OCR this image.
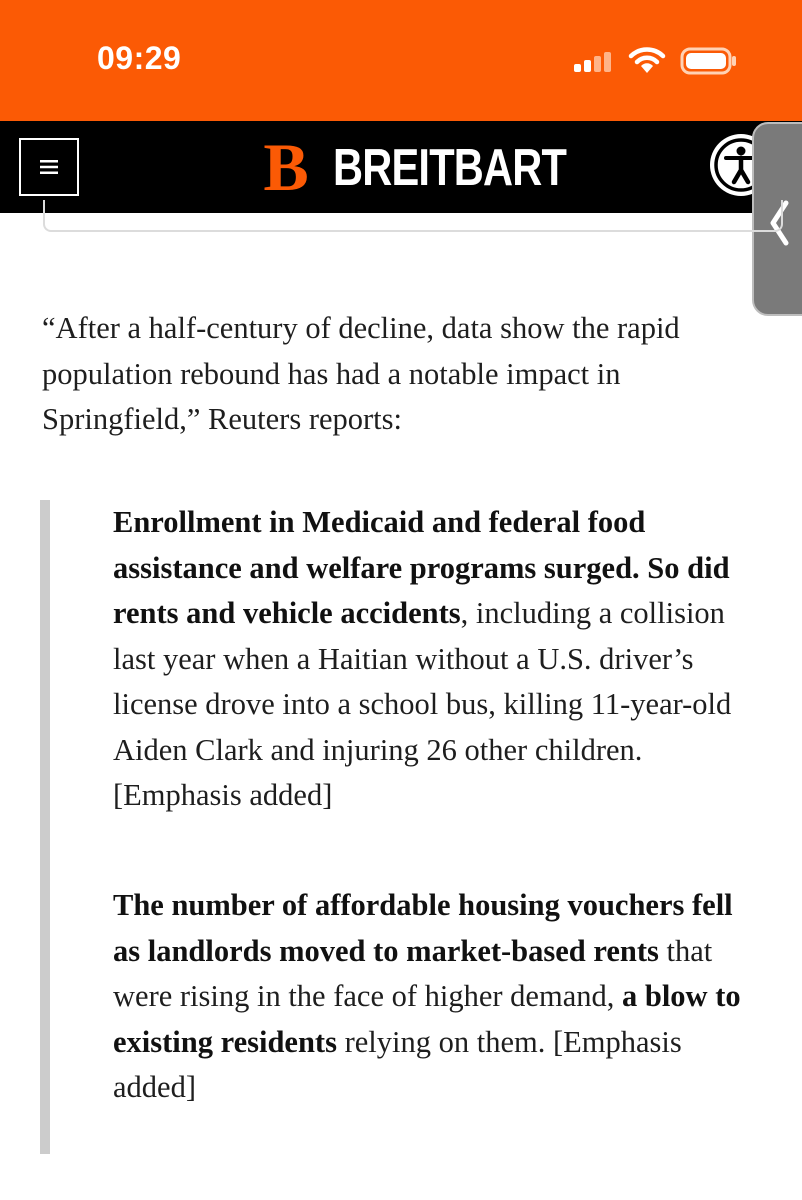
09:29
B BREITBART

“After a half-century of decline, data show the rapid population rebound has had a notable impact in Springfield,” Reuters reports:

Enrollment in Medicaid and federal food assistance and welfare programs surged. So did rents and vehicle accidents, including a collision last year when a Haitian without a U.S. driver’s license drove into a school bus, killing 11-year-old Aiden Clark and injuring 26 other children. [Emphasis added]

The number of affordable housing vouchers fell as landlords moved to market-based rents that were rising in the face of higher demand, a blow to existing residents relying on them. [Emphasis added]
